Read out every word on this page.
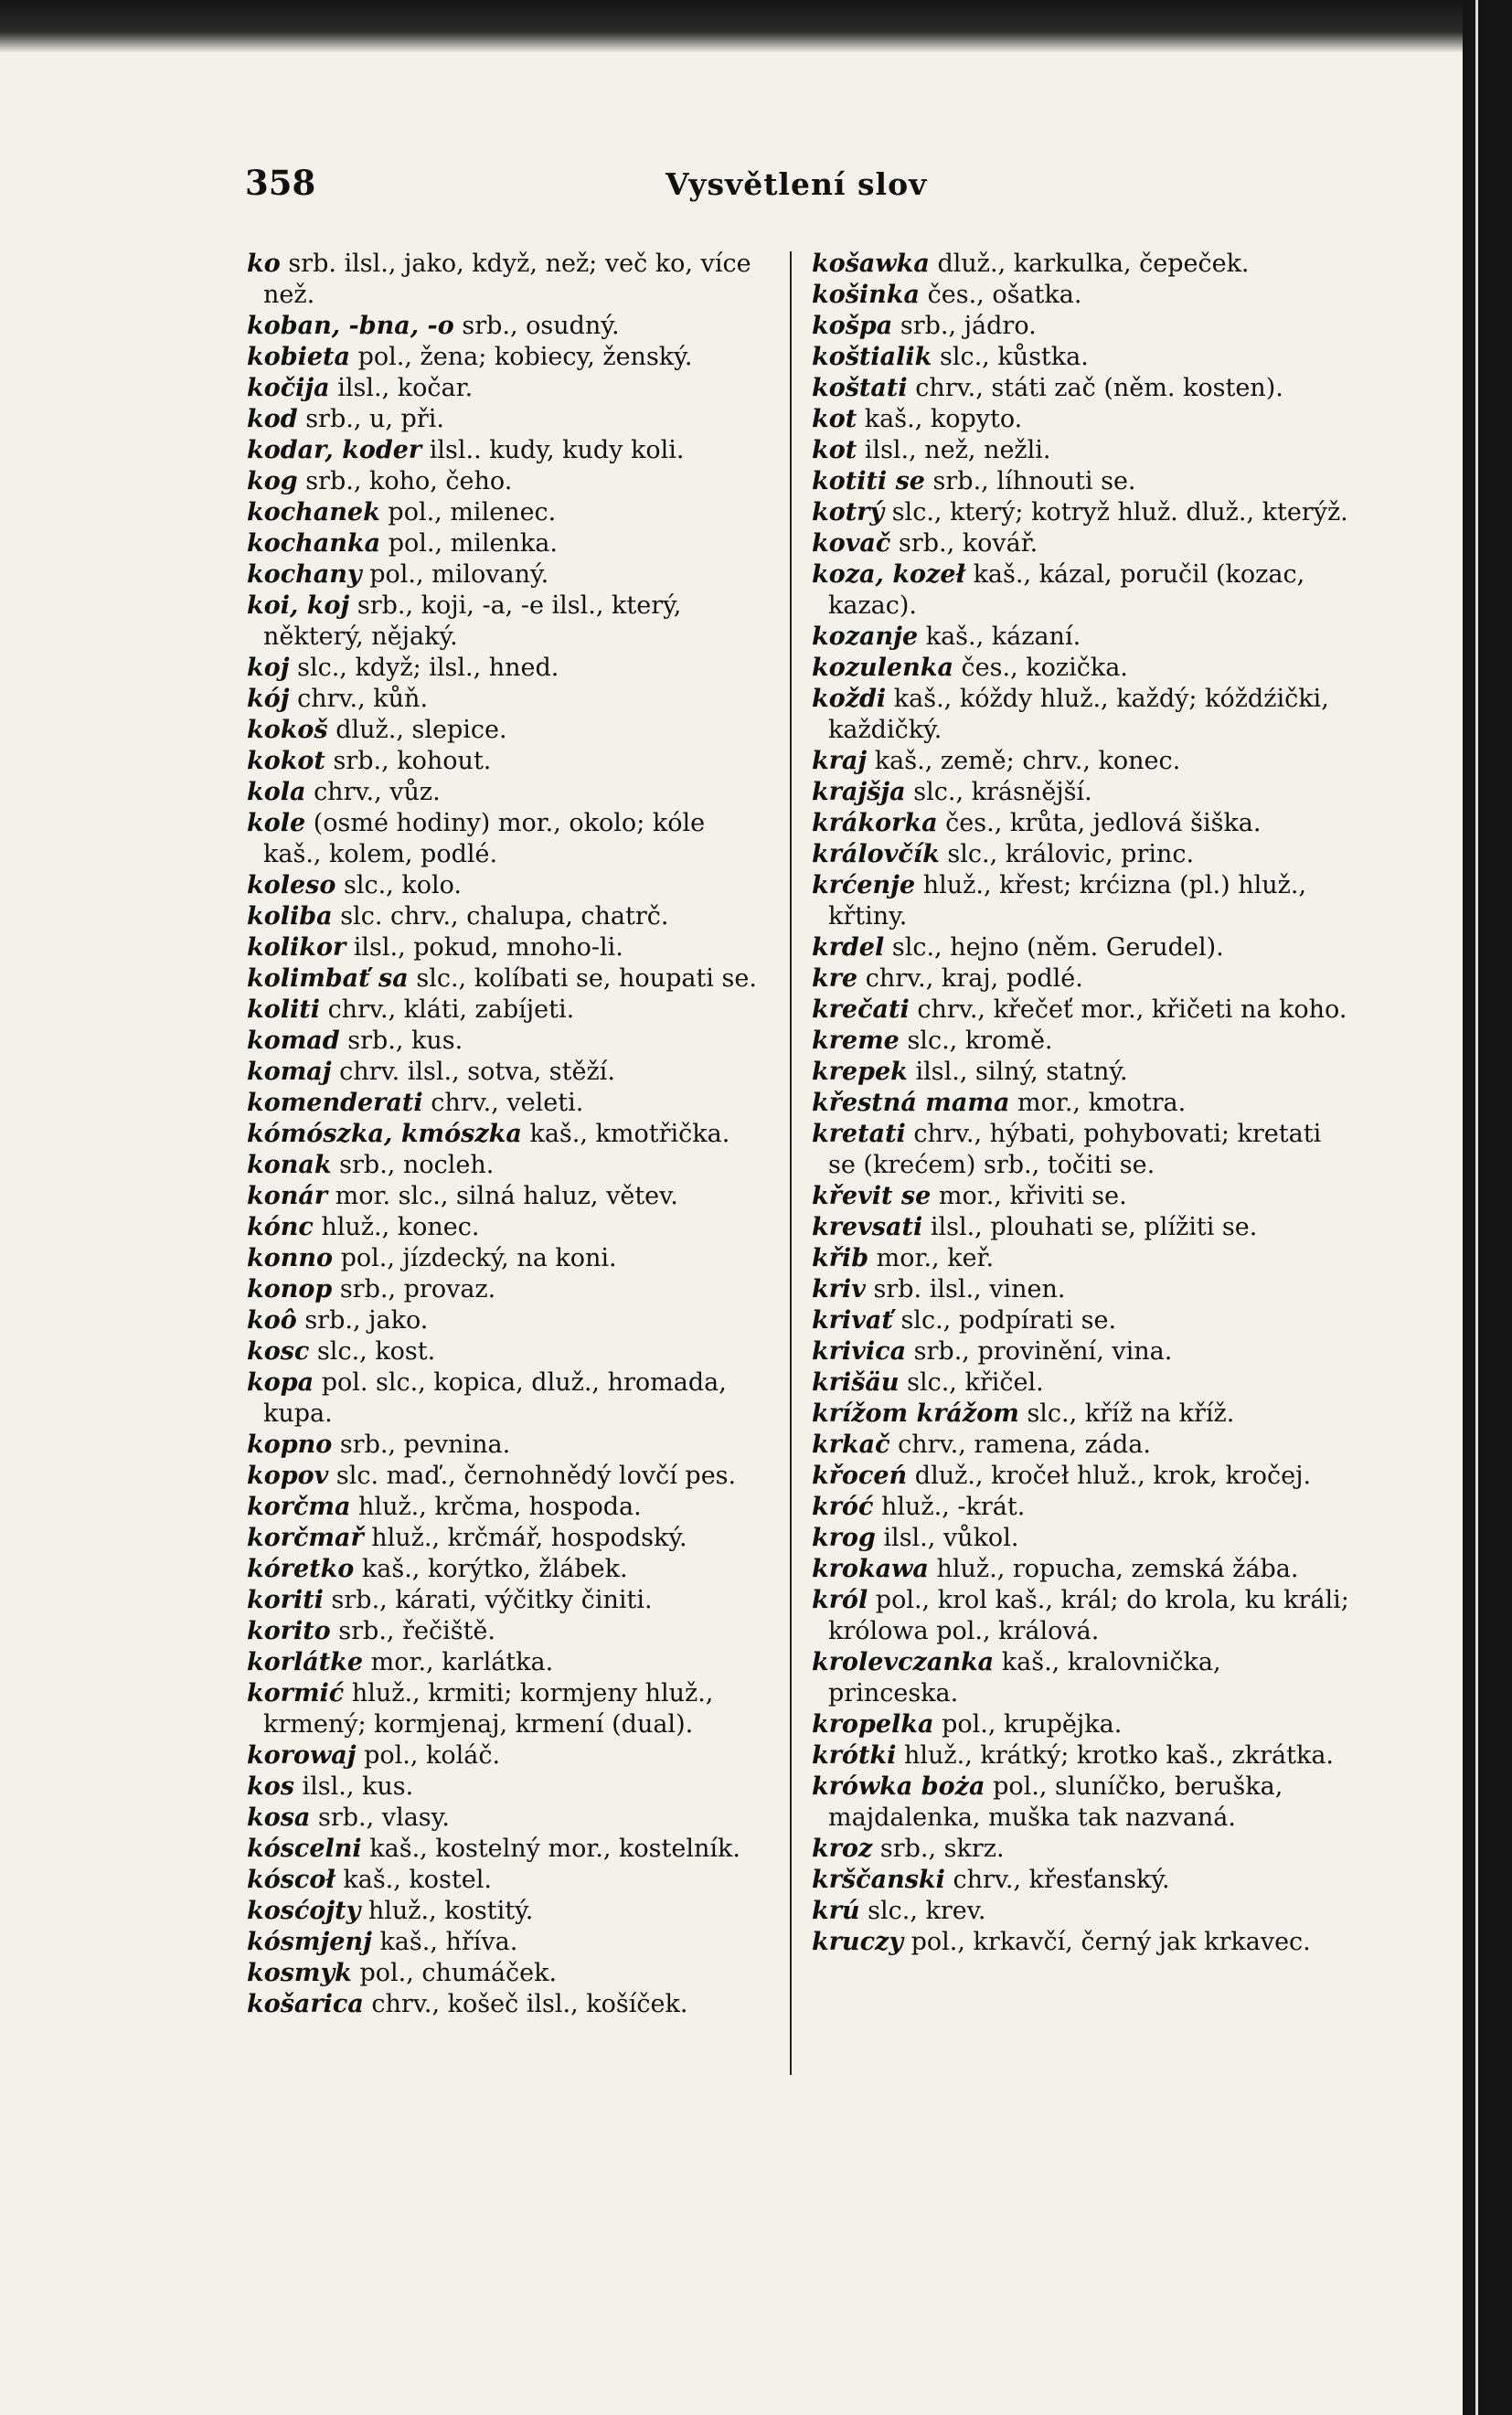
358	Vysvětlení slov
ko srb. ilsl., jako, když, než; več ko, více než.
koban, -bna, -o srb., osudný.
kobieta pol., žena; kobiecy, ženský.
kočija ilsl., kočar.
kod srb., u, při.
kodar, koder ilsl.. kudy, kudy koli.
kog srb., koho, čeho.
kochanek pol., milenec.
kochanka pol., milenka.
kochany pol., milovaný.
koi, koj srb., koji, -a, -e ilsl., který, některý, nějaký.
koj slc., když; ilsl., hned.
kój chrv., kůň.
kokoš dluž., slepice.
kokot srb., kohout.
kola chrv., vůz.
kole (osmé hodiny) mor., okolo; kóle kaš., kolem, podlé.
koleso slc., kolo.
koliba slc. chrv., chalupa, chatrč.
kolikor ilsl., pokud, mnoho-li.
kolimbať sa slc., kolíbati se, houpati se.
koliti chrv., kláti, zabíjeti.
komad srb., kus.
komaj chrv. ilsl., sotva, stěží.
komenderati chrv., veleti.
kómószka, kmószka kaš., kmotřička.
konak srb., nocleh.
konár mor. slc., silná haluz, větev.
kónc hluž., konec.
konno pol., jízdecký, na koni.
konop srb., provaz.
koô srb., jako.
kosc slc., kost.
kopa pol. slc., kopica, dluž., hromada, kupa.
kopno srb., pevnina.
kopov slc. maď., černohnědý lovčí pes.
korčma hluž., krčma, hospoda.
korčmař hluž., krčmář, hospodský.
kóretko kaš., korýtko, žlábek.
koriti srb., kárati, výčitky činiti.
korito srb., řečiště.
korlátke mor., karlátka.
kormić hluž., krmiti; kormjeny hluž., krmený; kormjenaj, krmení (dual).
korowaj pol., koláč.
kos ilsl., kus.
kosa srb., vlasy.
kóscelni kaš., kostelný mor., kostelník.
kóscoł kaš., kostel.
kosćojty hluž., kostitý.
kósmjenj kaš., hříva.
kosmyk pol., chumáček.
košarica chrv., košeč ilsl., košíček.
košawka dluž., karkulka, čepeček.
košinka čes., ošatka.
košpa srb., jádro.
koštialik slc., kůstka.
koštati chrv., státi zač (něm. kosten).
kot kaš., kopyto.
kot ilsl., než, nežli.
kotiti se srb., líhnouti se.
kotrý slc., který; kotryž hluž. dluž., kterýž.
kovač srb., kovář.
koza, kozeł kaš., kázal, poručil (kozac, kazac).
kozanje kaš., kázaní.
kozulenka čes., kozička.
koždi kaš., kóždy hluž., každý; kóždźički, každičký.
kraj kaš., země; chrv., konec.
krajšja slc., krásnější.
krákorka čes., krůta, jedlová šiška.
královčík slc., královic, princ.
krćenje hluž., křest; krćizna (pl.) hluž., křtiny.
krdel slc., hejno (něm. Gerudel).
kre chrv., kraj, podlé.
krečati chrv., křečeť mor., křičeti na koho.
kreme slc., kromě.
krepek ilsl., silný, statný.
křestná mama mor., kmotra.
kretati chrv., hýbati, pohybovati; kretati se (krećem) srb., točiti se.
křevit se mor., křiviti se.
krevsati ilsl., plouhati se, plížiti se.
křib mor., keř.
kriv srb. ilsl., vinen.
krivať slc., podpírati se.
krivica srb., provinění, vina.
krišäu slc., křičel.
krížom krážom slc., kříž na kříž.
krkač chrv., ramena, záda.
křoceń dluž., kročeł hluž., krok, kročej.
króć hluž., -krát.
krog ilsl., vůkol.
krokawa hluž., ropucha, zemská žába.
król pol., krol kaš., král; do krola, ku králi; królowa pol., králová.
krolevczanka kaš., kralovnička, princeska.
kropelka pol., krupějka.
krótki hluž., krátký; krotko kaš., zkrátka.
krówka boża pol., sluníčko, beruška, majdalenka, muška tak nazvaná.
kroz srb., skrz.
krščanski chrv., křesťanský.
krú slc., krev.
kruczy pol., krkavčí, černý jak krkavec.
